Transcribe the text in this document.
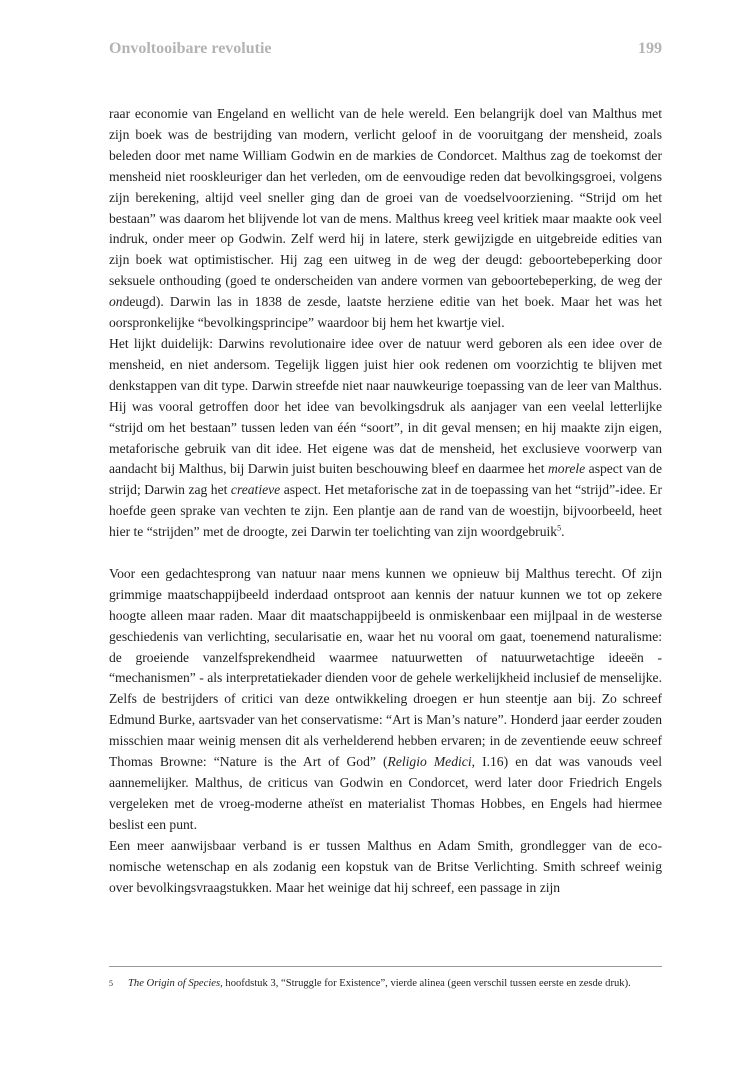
Onvoltooibare revolutie	199

raar economie van Engeland en wellicht van de hele wereld. Een belangrijk doel van Malthus met zijn boek was de bestrijding van modern, verlicht geloof in de vooruitgang der mensheid, zoals beleden door met name William Godwin en de markies de Condorcet. Malthus zag de toekomst der mensheid niet rooskleuriger dan het verleden, om de eenvoudige reden dat bevolkingsgroei, volgens zijn berekening, altijd veel sneller ging dan de groei van de voedselvoorziening. “Strijd om het bestaan” was daarom het blijvende lot van de mens. Malthus kreeg veel kritiek maar maakte ook veel indruk, onder meer op Godwin. Zelf werd hij in latere, sterk gewijzigde en uitgebreide edities van zijn boek wat optimistischer. Hij zag een uitweg in de weg der deugd: geboortebeperking door seksuele onthouding (goed te onderscheiden van andere vormen van geboortebeperking, de weg der ondeugd). Darwin las in 1838 de zesde, laatste herziene editie van het boek. Maar het was het oorspronkelijke “bevolkingsprincipe” waardoor bij hem het kwartje viel.

Het lijkt duidelijk: Darwins revolutionaire idee over de natuur werd geboren als een idee over de mensheid, en niet andersom. Tegelijk liggen juist hier ook redenen om voorzichtig te blijven met denkstappen van dit type. Darwin streefde niet naar nauwkeurige toepassing van de leer van Malthus. Hij was vooral getroffen door het idee van bevolkingsdruk als aanjager van een veelal letterlijke “strijd om het bestaan” tussen leden van één “soort”, in dit geval mensen; en hij maakte zijn eigen, metaforische gebruik van dit idee. Het eigene was dat de mensheid, het exclusieve voorwerp van aandacht bij Malthus, bij Darwin juist buiten beschouwing bleef en daarmee het morele aspect van de strijd; Darwin zag het creatieve aspect. Het metaforische zat in de toepassing van het “strijd”-idee. Er hoefde geen sprake van vechten te zijn. Een plantje aan de rand van de woestijn, bijvoorbeeld, heet hier te “strijden” met de droogte, zei Darwin ter toelichting van zijn woordgebruik$^5$.

Voor een gedachtesprong van natuur naar mens kunnen we opnieuw bij Malthus terecht. Of zijn grimmige maatschappijbeeld inderdaad ontsproot aan kennis der natuur kunnen we tot op zekere hoogte alleen maar raden. Maar dit maatschappijbeeld is onmiskenbaar een mijlpaal in de westerse geschiedenis van verlichting, secularisatie en, waar het nu vooral om gaat, toenemend naturalisme: de groeiende vanzelfsprekendheid waarmee natuurwetten of natuurwetachtige ideeën - “mechanismen” - als interpretatiekader dienden voor de gehele werkelijkheid inclusief de menselijke. Zelfs de bestrijders of critici van deze ontwikkeling droegen er hun steentje aan bij. Zo schreef Edmund Burke, aartsvader van het conservatisme: “Art is Man’s nature”. Honderd jaar eerder zouden misschien maar weinig mensen dit als verhelderend hebben ervaren; in de zeventiende eeuw schreef Thomas Browne: “Nature is the Art of God” (Religio Medici, I.16) en dat was vanouds veel aannemelijker. Malthus, de criticus van Godwin en Condorcet, werd later door Friedrich Engels vergeleken met de vroeg-moderne atheïst en materialist Thomas Hobbes, en Engels had hiermee beslist een punt.

Een meer aanwijsbaar verband is er tussen Malthus en Adam Smith, grondlegger van de economische wetenschap en als zodanig een kopstuk van de Britse Verlichting. Smith schreef weinig over bevolkingsvraagstukken. Maar het weinige dat hij schreef, een passage in zijn

5	The Origin of Species, hoofdstuk 3, “Struggle for Existence”, vierde alinea (geen verschil tussen eerste en zesde druk).
